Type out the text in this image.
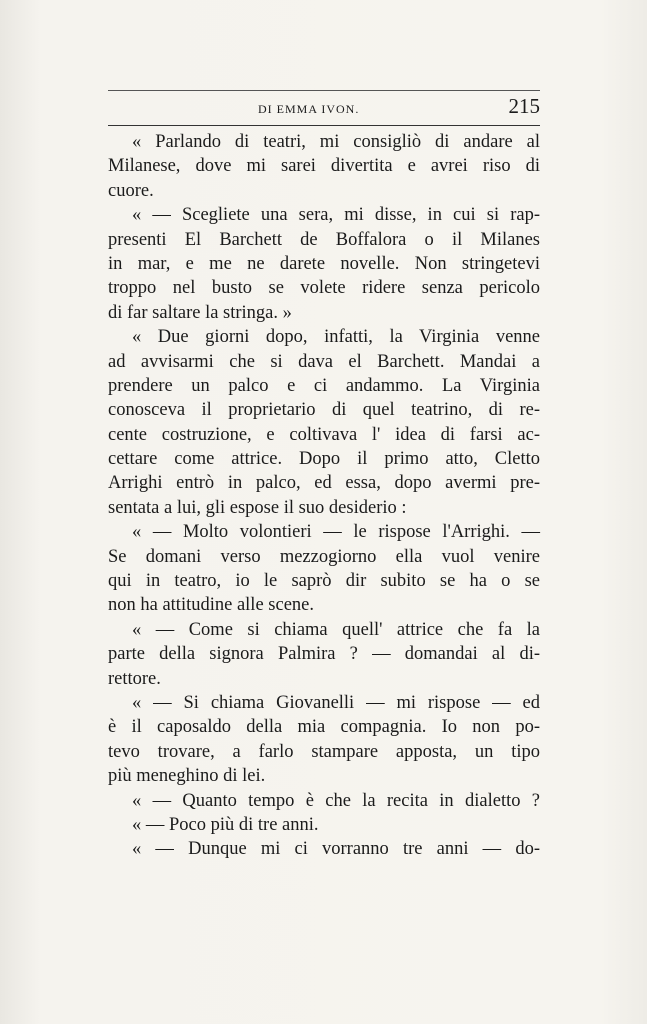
DI EMMA IVON.	215
« Parlando di teatri, mi consigliò di andare al
Milanese, dove mi sarei divertita e avrei riso di
cuore.
« — Scegliete una sera, mi disse, in cui si rap-
presenti El Barchett de Boffalora o il Milanes
in mar, e me ne darete novelle. Non stringetevi
troppo nel busto se volete ridere senza pericolo
di far saltare la stringa. »
« Due giorni dopo, infatti, la Virginia venne
ad avvisarmi che si dava el Barchett. Mandai a
prendere un palco e ci andammo. La Virginia
conosceva il proprietario di quel teatrino, di re-
cente costruzione, e coltivava l' idea di farsi ac-
cettare come attrice. Dopo il primo atto, Cletto
Arrighi entrò in palco, ed essa, dopo avermi pre-
sentata a lui, gli espose il suo desiderio :
« — Molto volontieri — le rispose l'Arrighi. —
Se domani verso mezzogiorno ella vuol venire
qui in teatro, io le saprò dir subito se ha o se
non ha attitudine alle scene.
« — Come si chiama quell' attrice che fa la
parte della signora Palmira ? — domandai al di-
rettore.
« — Si chiama Giovanelli — mi rispose — ed
è il caposaldo della mia compagnia. Io non po-
tevo trovare, a farlo stampare apposta, un tipo
più meneghino di lei.
« — Quanto tempo è che la recita in dialetto ?
« — Poco più di tre anni.
« — Dunque mi ci vorranno tre anni — do-
